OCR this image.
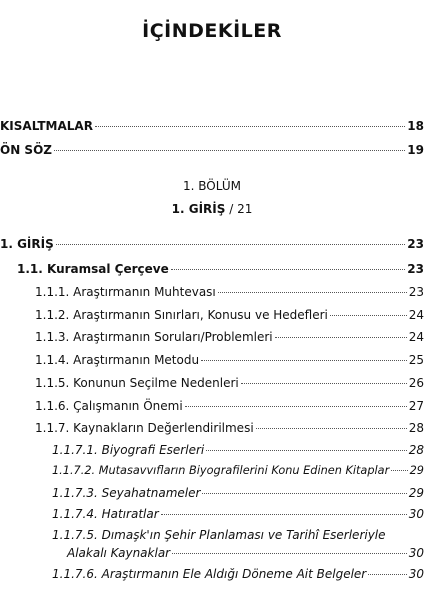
İÇİNDEKİLER
KISALTMALAR	18
ÖN SÖZ	19
1. BÖLÜM
1. GİRİŞ / 21
1. GİRİŞ	23
1.1. Kuramsal Çerçeve	23
1.1.1. Araştırmanın Muhtevası	23
1.1.2. Araştırmanın Sınırları, Konusu ve Hedefleri	24
1.1.3. Araştırmanın Soruları/Problemleri	24
1.1.4. Araştırmanın Metodu	25
1.1.5. Konunun Seçilme Nedenleri	26
1.1.6. Çalışmanın Önemi	27
1.1.7. Kaynakların Değerlendirilmesi	28
1.1.7.1. Biyografi Eserleri	28
1.1.7.2. Mutasavvıfların Biyografilerini Konu Edinen Kitaplar 29
1.1.7.3. Seyahatnameler	29
1.1.7.4. Hatıratlar	30
1.1.7.5. Dımaşk'ın Şehir Planlaması ve Tarihî Eserleriyle
Alakalı Kaynaklar	30
1.1.7.6. Araştırmanın Ele Aldığı Döneme Ait Belgeler	30
